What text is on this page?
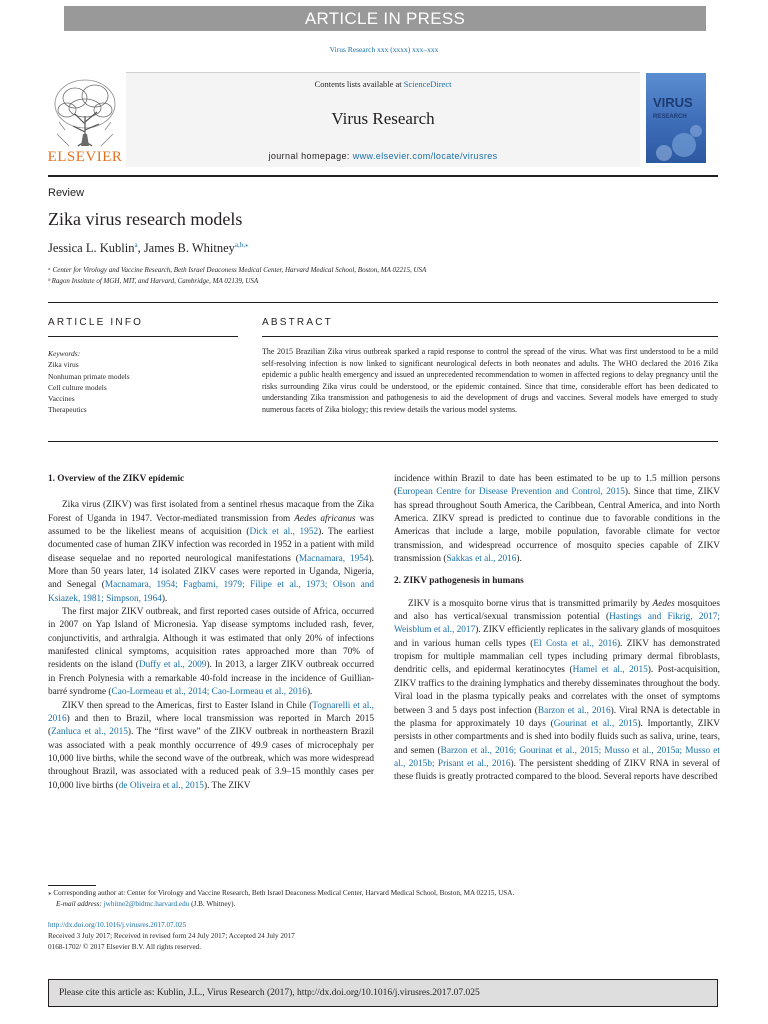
ARTICLE IN PRESS
Virus Research xxx (xxxx) xxx–xxx
Contents lists available at ScienceDirect
Virus Research
journal homepage: www.elsevier.com/locate/virusres
ELSEVIER
VIRUS
RESEARCH
Review
Zika virus research models
Jessica L. Kublin$^a$, James B. Whitney$^{a,b,⁎}$
ᵃ Center for Virology and Vaccine Research, Beth Israel Deaconess Medical Center, Harvard Medical School, Boston, MA 02215, USA
ᵇ Ragon Institute of MGH, MIT, and Harvard, Cambridge, MA 02139, USA
ARTICLE INFO	ABSTRACT
Keywords:
Zika virus
Nonhuman primate models
Cell culture models
Vaccines
Therapeutics
The 2015 Brazilian Zika virus outbreak sparked a rapid response to control the spread of the virus. What was first understood to be a mild self-resolving infection is now linked to significant neurological defects in both neonates and adults. The WHO declared the 2016 Zika epidemic a public health emergency and issued an unprecedented recommendation to women in affected regions to delay pregnancy until the risks surrounding Zika virus could be understood, or the epidemic contained. Since that time, considerable effort has been dedicated to understanding Zika transmission and pathogenesis to aid the development of drugs and vaccines. Several models have emerged to study numerous facets of Zika biology; this review details the various model systems.
1. Overview of the ZIKV epidemic

Zika virus (ZIKV) was first isolated from a sentinel rhesus macaque from the Zika Forest of Uganda in 1947. Vector-mediated transmission from Aedes africanus was assumed to be the likeliest means of acquisition (Dick et al., 1952). The earliest documented case of human ZIKV infection was recorded in 1952 in a patient with mild disease sequelae and no reported neurological manifestations (Macnamara, 1954). More than 50 years later, 14 isolated ZIKV cases were reported in Uganda, Nigeria, and Senegal (Macnamara, 1954; Fagbami, 1979; Filipe et al., 1973; Olson and Ksiazek, 1981; Simpson, 1964).

The first major ZIKV outbreak, and first reported cases outside of Africa, occurred in 2007 on Yap Island of Micronesia. Yap disease symptoms included rash, fever, conjunctivitis, and arthralgia. Although it was estimated that only 20% of infections manifested clinical symptoms, acquisition rates approached more than 70% of residents on the island (Duffy et al., 2009). In 2013, a larger ZIKV outbreak occurred in French Polynesia with a remarkable 40-fold increase in the incidence of Guillian-barré syndrome (Cao-Lormeau et al., 2014; Cao-Lormeau et al., 2016).

ZIKV then spread to the Americas, first to Easter Island in Chile (Tognarelli et al., 2016) and then to Brazil, where local transmission was reported in March 2015 (Zanluca et al., 2015). The “first wave” of the ZIKV outbreak in northeastern Brazil was associated with a peak monthly occurrence of 49.9 cases of microcephaly per 10,000 live births, while the second wave of the outbreak, which was more widespread throughout Brazil, was associated with a reduced peak of 3.9–15 monthly cases per 10,000 live births (de Oliveira et al., 2015). The ZIKV

incidence within Brazil to date has been estimated to be up to 1.5 million persons (European Centre for Disease Prevention and Control, 2015). Since that time, ZIKV has spread throughout South America, the Caribbean, Central America, and into North America. ZIKV spread is predicted to continue due to favorable conditions in the Americas that include a large, mobile population, favorable climate for vector transmission, and widespread occurrence of mosquito species capable of ZIKV transmission (Sakkas et al., 2016).

2. ZIKV pathogenesis in humans

ZIKV is a mosquito borne virus that is transmitted primarily by Aedes mosquitoes and also has vertical/sexual transmission potential (Hastings and Fikrig, 2017; Weisblum et al., 2017). ZIKV efficiently replicates in the salivary glands of mosquitoes and in various human cells types (El Costa et al., 2016). ZIKV has demonstrated tropism for multiple mammalian cell types including primary dermal fibroblasts, dendritic cells, and epidermal keratinocytes (Hamel et al., 2015). Post-acquisition, ZIKV traffics to the draining lymphatics and thereby disseminates throughout the body. Viral load in the plasma typically peaks and correlates with the onset of symptoms between 3 and 5 days post infection (Barzon et al., 2016). Viral RNA is detectable in the plasma for approximately 10 days (Gourinat et al., 2015). Importantly, ZIKV persists in other compartments and is shed into bodily fluids such as saliva, urine, tears, and semen (Barzon et al., 2016; Gourinat et al., 2015; Musso et al., 2015a; Musso et al., 2015b; Prisant et al., 2016). The persistent shedding of ZIKV RNA in several of these fluids is greatly protracted compared to the blood. Several reports have described

⁎ Corresponding author at: Center for Virology and Vaccine Research, Beth Israel Deaconess Medical Center, Harvard Medical School, Boston, MA 02215, USA.
E-mail address: jwhitne2@bidmc.harvard.edu (J.B. Whitney).
http://dx.doi.org/10.1016/j.virusres.2017.07.025
Received 3 July 2017; Received in revised form 24 July 2017; Accepted 24 July 2017
0168-1702/ © 2017 Elsevier B.V. All rights reserved.
Please cite this article as: Kublin, J.L., Virus Research (2017), http://dx.doi.org/10.1016/j.virusres.2017.07.025
